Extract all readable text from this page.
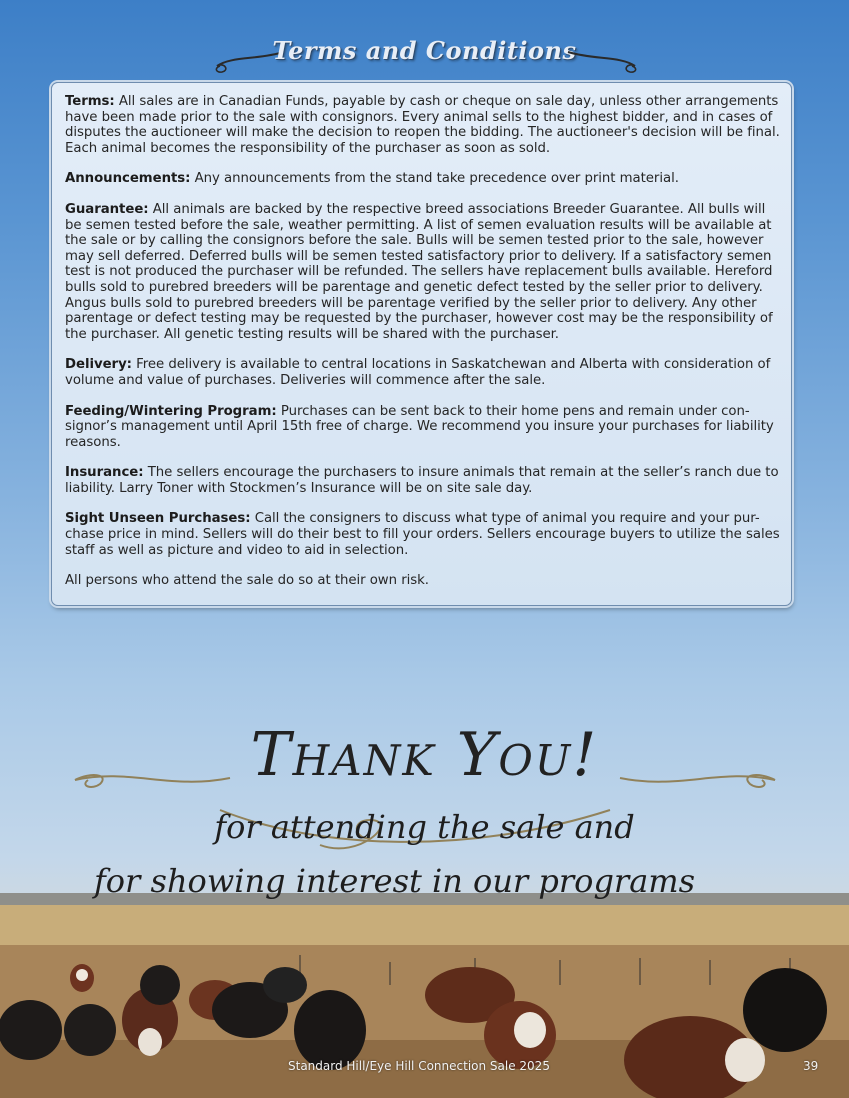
Terms and Conditions

Terms: All sales are in Canadian Funds, payable by cash or cheque on sale day, unless other arrangements have been made prior to the sale with consignors. Every animal sells to the highest bidder, and in cases of disputes the auctioneer will make the decision to reopen the bidding. The auctioneer's decision will be final. Each animal becomes the responsibility of the purchaser as soon as sold.

Announcements: Any announcements from the stand take precedence over print material.

Guarantee: All animals are backed by the respective breed associations Breeder Guarantee. All bulls will be semen tested before the sale, weather permitting. A list of semen evaluation results will be available at the sale or by calling the consignors before the sale. Bulls will be semen tested prior to the sale, however may sell deferred. Deferred bulls will be semen tested satisfactory prior to delivery. If a satisfactory semen test is not produced the purchaser will be refunded. The sellers have replacement bulls available. Hereford bulls sold to purebred breeders will be parentage and genetic defect tested by the seller prior to delivery. Angus bulls sold to purebred breeders will be parentage verified by the seller prior to delivery. Any other parentage or defect testing may be requested by the purchaser, however cost may be the responsibility of the purchaser. All genetic testing results will be shared with the purchaser.

Delivery: Free delivery is available to central locations in Saskatchewan and Alberta with consideration of volume and value of purchases. Deliveries will commence after the sale.

Feeding/Wintering Program: Purchases can be sent back to their home pens and remain under con- signor’s management until April 15th free of charge. We recommend you insure your purchases for liability reasons.

Insurance: The sellers encourage the purchasers to insure animals that remain at the seller’s ranch due to liability. Larry Toner with Stockmen’s Insurance will be on site sale day.

Sight Unseen Purchases: Call the consigners to discuss what type of animal you require and your pur- chase price in mind. Sellers will do their best to fill your orders. Sellers encourage buyers to utilize the sales staff as well as picture and video to aid in selection.

All persons who attend the sale do so at their own risk.

Thank You!
for attending the sale and
for showing interest in our programs
Standard Hill/Eye Hill Connection Sale 2025	39
